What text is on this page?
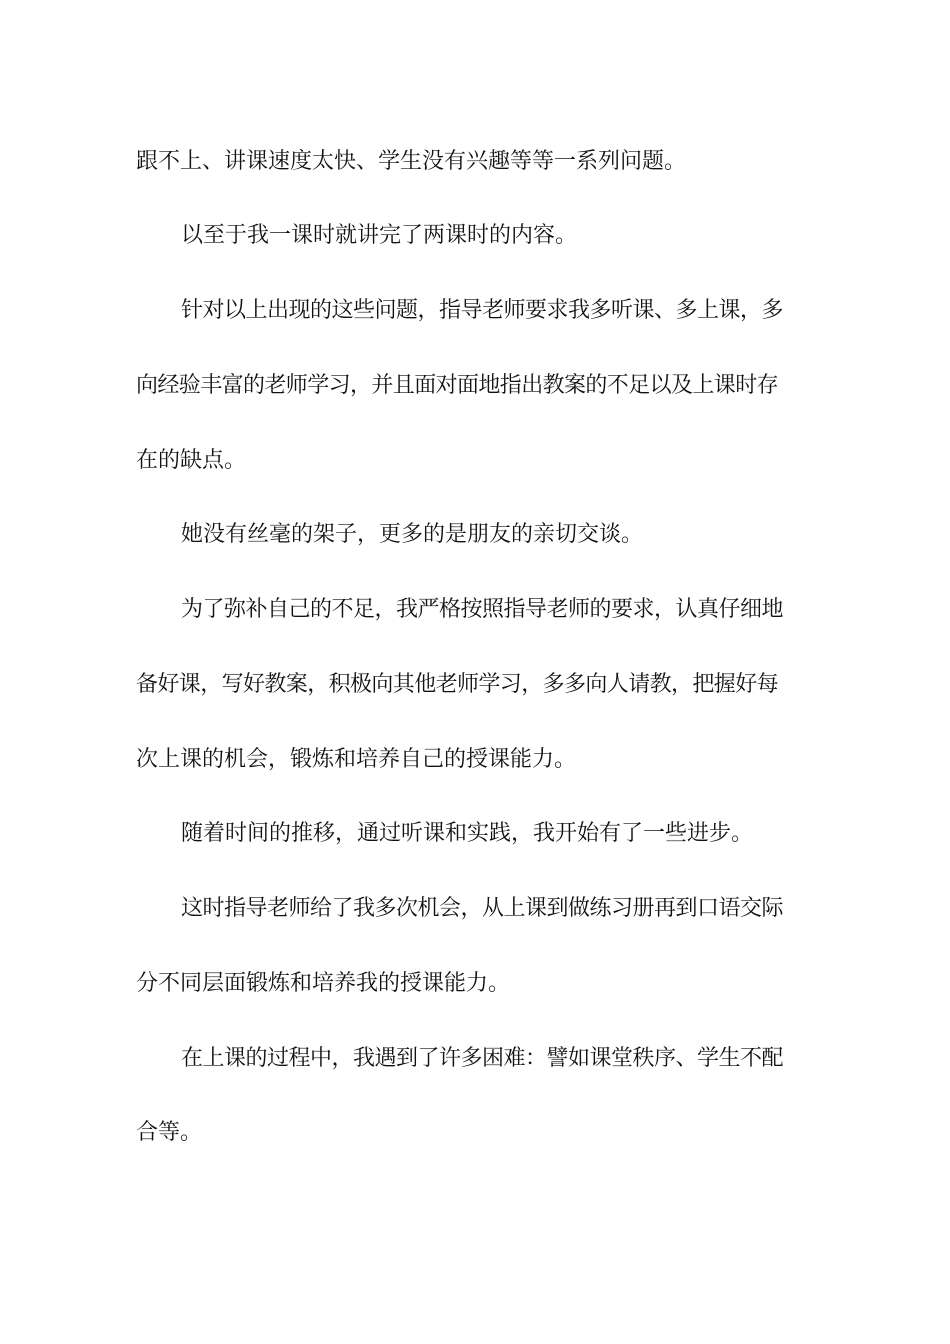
跟不上、讲课速度太快、学生没有兴趣等等一系列问题。
以至于我一课时就讲完了两课时的内容。
针对以上出现的这些问题，指导老师要求我多听课、多上课，多
向经验丰富的老师学习，并且面对面地指出教案的不足以及上课时存
在的缺点。
她没有丝毫的架子，更多的是朋友的亲切交谈。
为了弥补自己的不足，我严格按照指导老师的要求，认真仔细地
备好课，写好教案，积极向其他老师学习，多多向人请教，把握好每
次上课的机会，锻炼和培养自己的授课能力。
随着时间的推移，通过听课和实践，我开始有了一些进步。
这时指导老师给了我多次机会，从上课到做练习册再到口语交际
分不同层面锻炼和培养我的授课能力。
在上课的过程中，我遇到了许多困难：譬如课堂秩序、学生不配
合等。
